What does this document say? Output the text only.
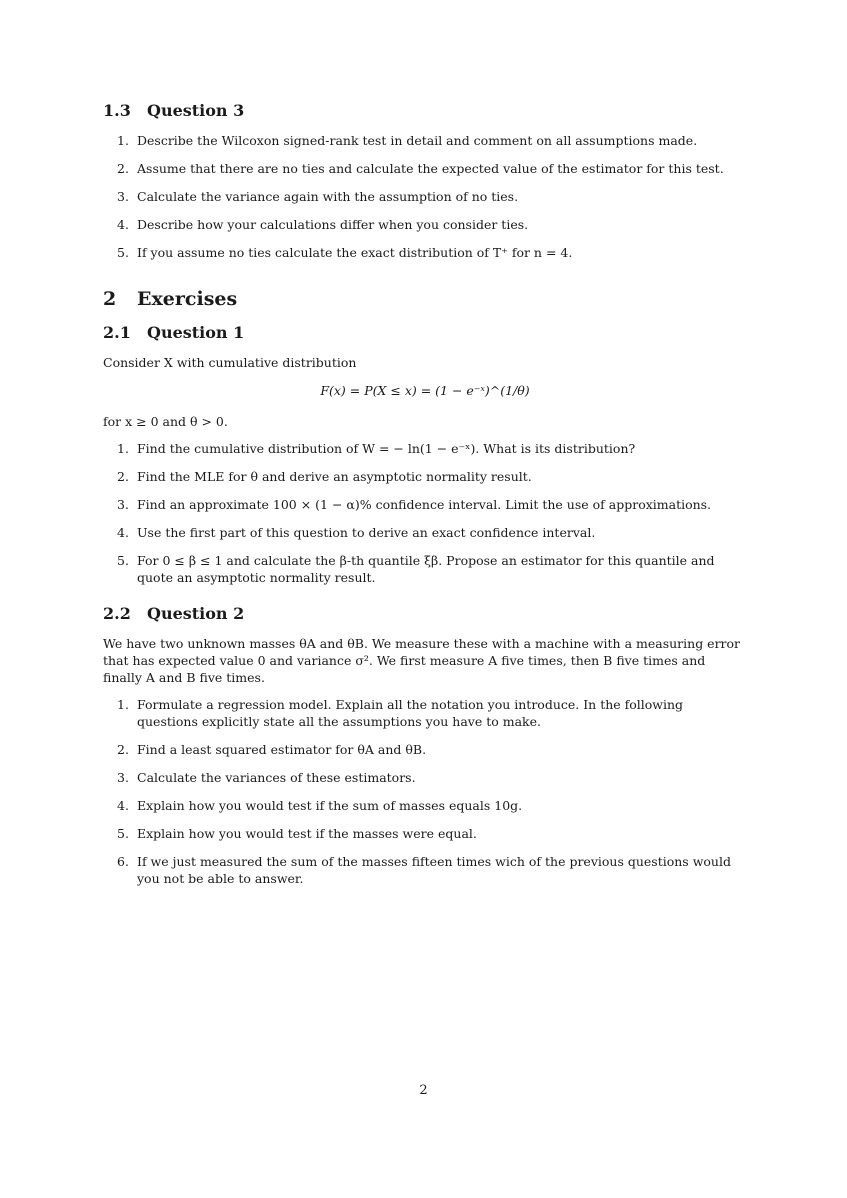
1.3 Question 3
1. Describe the Wilcoxon signed-rank test in detail and comment on all assumptions made.
2. Assume that there are no ties and calculate the expected value of the estimator for this test.
3. Calculate the variance again with the assumption of no ties.
4. Describe how your calculations differ when you consider ties.
5. If you assume no ties calculate the exact distribution of T⁺ for n = 4.
2 Exercises
2.1 Question 1

Consider X with cumulative distribution

F(x) = P(X ≤ x) = (1 − e⁻ˣ)^(1/θ)

for x ≥ 0 and θ > 0.

1. Find the cumulative distribution of W = − ln(1 − e⁻ˣ). What is its distribution?
2. Find the MLE for θ and derive an asymptotic normality result.
3. Find an approximate 100 × (1 − α)% confidence interval. Limit the use of approximations.
4. Use the first part of this question to derive an exact confidence interval.
5. For 0 ≤ β ≤ 1 and calculate the β-th quantile ξβ. Propose an estimator for this quantile and quote an asymptotic normality result.
2.2 Question 2

We have two unknown masses θA and θB. We measure these with a machine with a measuring error that has expected value 0 and variance σ². We first measure A five times, then B five times and finally A and B five times.

1. Formulate a regression model. Explain all the notation you introduce. In the following questions explicitly state all the assumptions you have to make.
2. Find a least squared estimator for θA and θB.
3. Calculate the variances of these estimators.
4. Explain how you would test if the sum of masses equals 10g.
5. Explain how you would test if the masses were equal.
6. If we just measured the sum of the masses fifteen times wich of the previous questions would you not be able to answer.
2
